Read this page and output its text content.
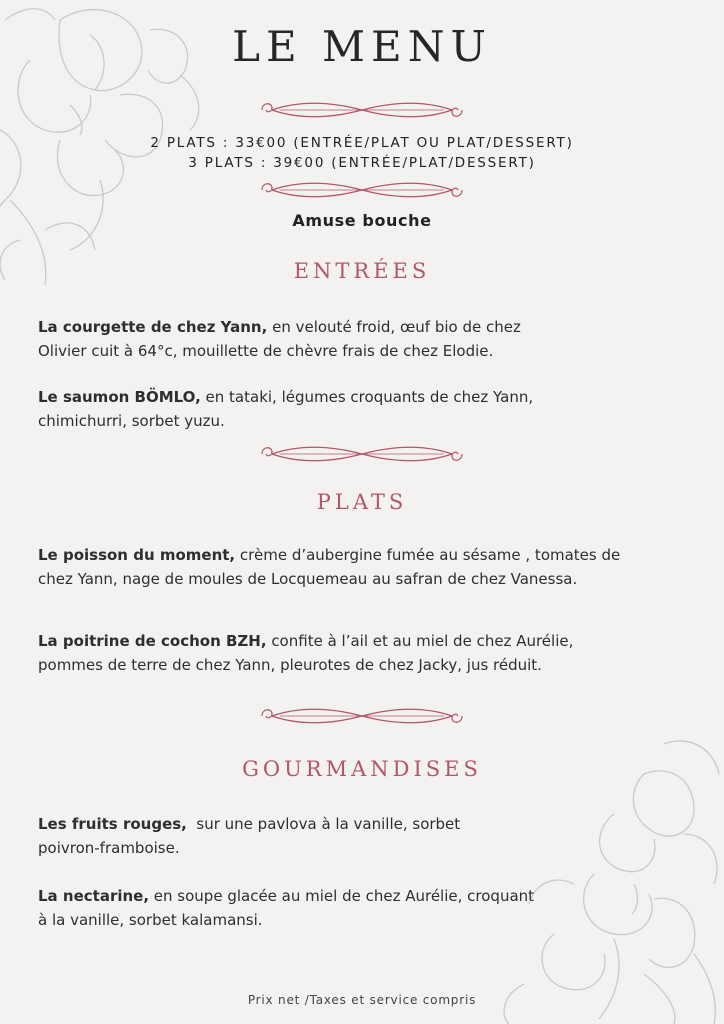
LE MENU
2 PLATS : 33€00 (ENTRÉE/PLAT OU PLAT/DESSERT)
3 PLATS : 39€00 (ENTRÉE/PLAT/DESSERT)
Amuse bouche
ENTRÉES
La courgette de chez Yann, en velouté froid, œuf bio de chez
Olivier cuit à 64°c, mouillette de chèvre frais de chez Elodie.
Le saumon BÖMLO, en tataki, légumes croquants de chez Yann,
chimichurri, sorbet yuzu.
PLATS
Le poisson du moment, crème d’aubergine fumée au sésame , tomates de
chez Yann, nage de moules de Locquemeau au safran de chez Vanessa.
La poitrine de cochon BZH, confite à l’ail et au miel de chez Aurélie,
pommes de terre de chez Yann, pleurotes de chez Jacky, jus réduit.
GOURMANDISES
Les fruits rouges,  sur une pavlova à la vanille, sorbet
poivron-framboise.
La nectarine, en soupe glacée au miel de chez Aurélie, croquant
à la vanille, sorbet kalamansi.
Prix net /Taxes et service compris
